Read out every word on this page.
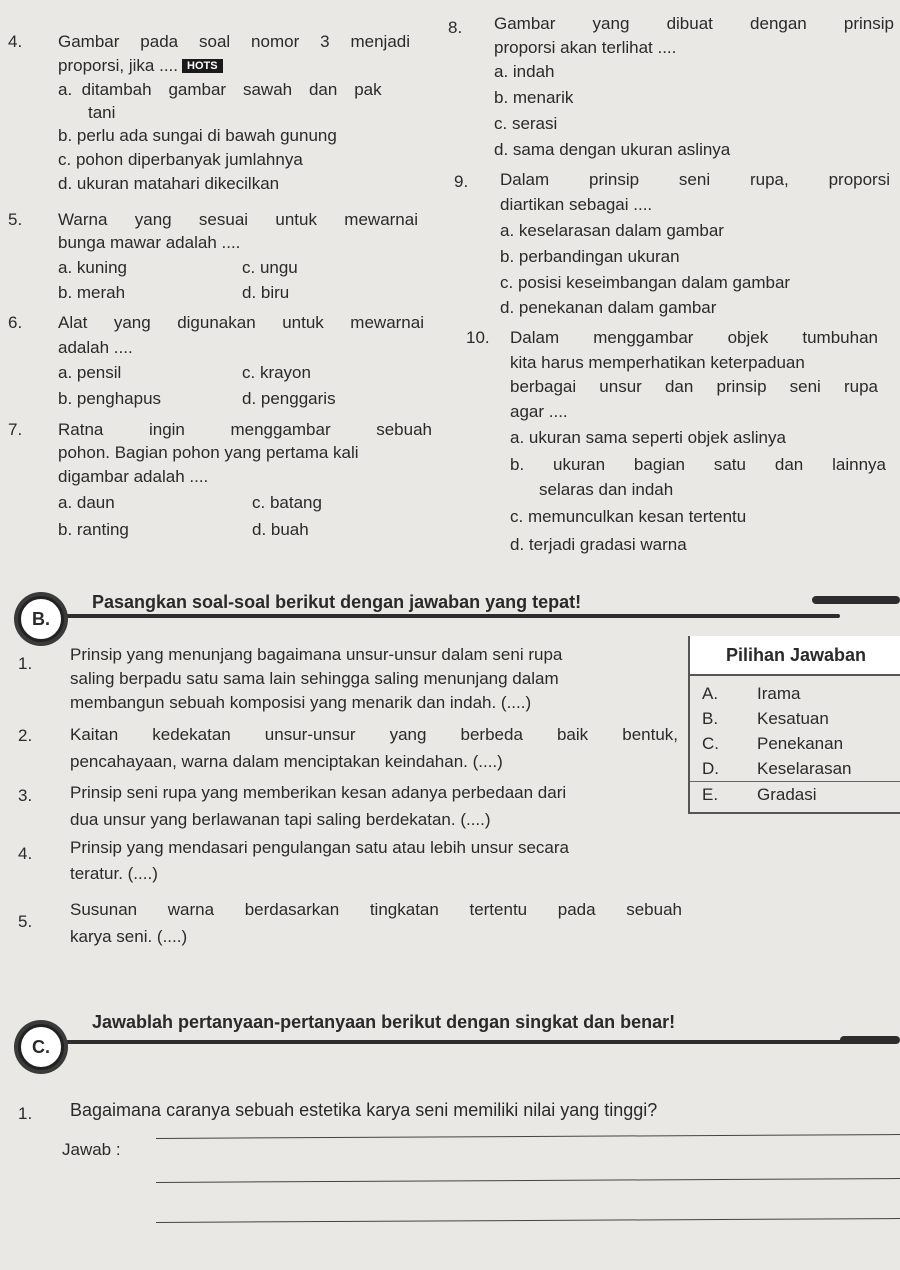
4. Gambar pada soal nomor 3 menjadi
proporsi, jika .... HOTS
a. ditambah gambar sawah dan pak
tani
b. perlu ada sungai di bawah gunung
c. pohon diperbanyak jumlahnya
d. ukuran matahari dikecilkan
5. Warna yang sesuai untuk mewarnai
bunga mawar adalah ....
a. kuning	c. ungu
b. merah	d. biru
6. Alat yang digunakan untuk mewarnai
adalah ....
a. pensil	c. krayon
b. penghapus	d. penggaris
7. Ratna ingin menggambar sebuah
pohon. Bagian pohon yang pertama kali
digambar adalah ....
a. daun	c. batang
b. ranting	d. buah
8. Gambar yang dibuat dengan prinsip
proporsi akan terlihat ....
a. indah
b. menarik
c. serasi
d. sama dengan ukuran aslinya
9. Dalam prinsip seni rupa, proporsi
diartikan sebagai ....
a. keselarasan dalam gambar
b. perbandingan ukuran
c. posisi keseimbangan dalam gambar
d. penekanan dalam gambar
10. Dalam menggambar objek tumbuhan
kita harus memperhatikan keterpaduan
berbagai unsur dan prinsip seni rupa
agar ....
a. ukuran sama seperti objek aslinya
b. ukuran bagian satu dan lainnya
selaras dan indah
c. memunculkan kesan tertentu
d. terjadi gradasi warna
B.
Pasangkan soal-soal berikut dengan jawaban yang tepat!
1. Prinsip yang menunjang bagaimana unsur-unsur dalam seni rupa
saling berpadu satu sama lain sehingga saling menunjang dalam
membangun sebuah komposisi yang menarik dan indah. (....)
2. Kaitan kedekatan unsur-unsur yang berbeda baik bentuk,
pencahayaan, warna dalam menciptakan keindahan. (....)
3. Prinsip seni rupa yang memberikan kesan adanya perbedaan dari
dua unsur yang berlawanan tapi saling berdekatan. (....)
4. Prinsip yang mendasari pengulangan satu atau lebih unsur secara
teratur. (....)
5.
Susunan warna berdasarkan tingkatan tertentu pada sebuah
karya seni. (....)
Pilihan Jawaban
A. Irama
B. Kesatuan
C. Penekanan
D. Keselarasan
E. Gradasi
C.
Jawablah pertanyaan-pertanyaan berikut dengan singkat dan benar!
1. Bagaimana caranya sebuah estetika karya seni memiliki nilai yang tinggi?
Jawab :
